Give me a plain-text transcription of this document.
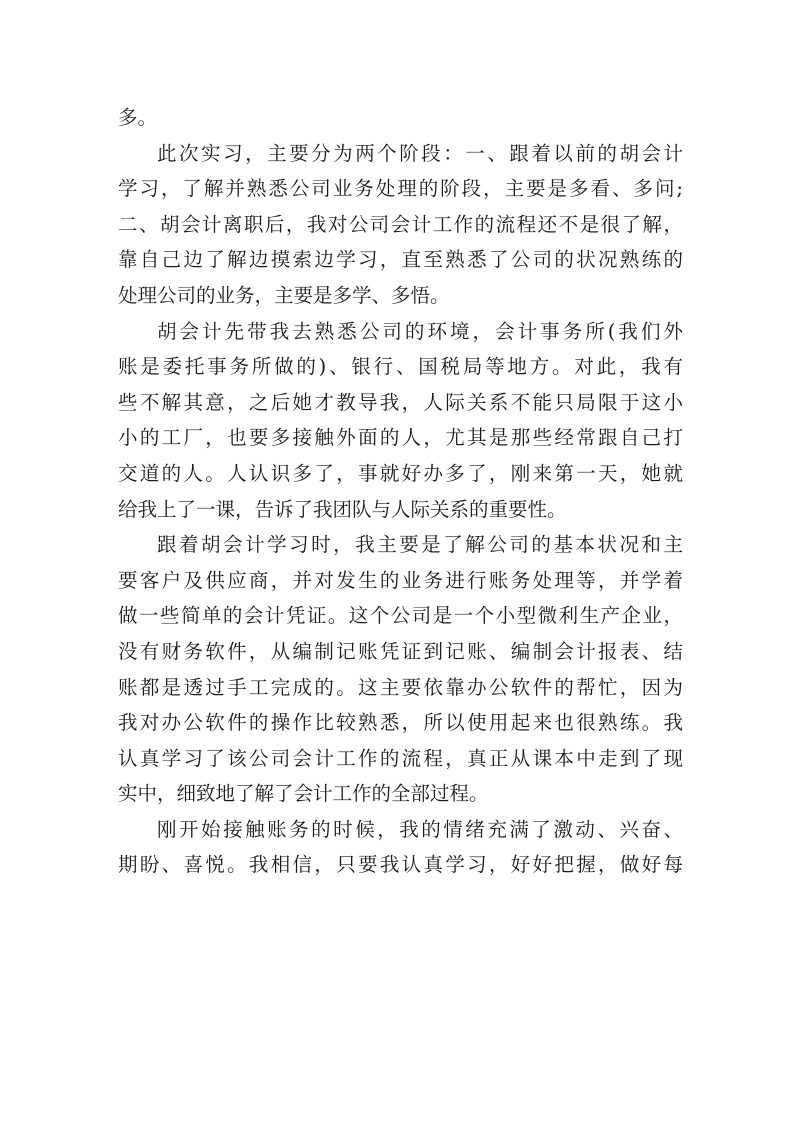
多。
此次实习，主要分为两个阶段：一、跟着以前的胡会计
学习，了解并熟悉公司业务处理的阶段，主要是多看、多问;
二、胡会计离职后，我对公司会计工作的流程还不是很了解，
靠自己边了解边摸索边学习，直至熟悉了公司的状况熟练的
处理公司的业务，主要是多学、多悟。
胡会计先带我去熟悉公司的环境，会计事务所(我们外
账是委托事务所做的)、银行、国税局等地方。对此，我有
些不解其意，之后她才教导我，人际关系不能只局限于这小
小的工厂，也要多接触外面的人，尤其是那些经常跟自己打
交道的人。人认识多了，事就好办多了，刚来第一天，她就
给我上了一课，告诉了我团队与人际关系的重要性。
跟着胡会计学习时，我主要是了解公司的基本状况和主
要客户及供应商，并对发生的业务进行账务处理等，并学着
做一些简单的会计凭证。这个公司是一个小型微利生产企业，
没有财务软件，从编制记账凭证到记账、编制会计报表、结
账都是透过手工完成的。这主要依靠办公软件的帮忙，因为
我对办公软件的操作比较熟悉，所以使用起来也很熟练。我
认真学习了该公司会计工作的流程，真正从课本中走到了现
实中，细致地了解了会计工作的全部过程。
刚开始接触账务的时候，我的情绪充满了激动、兴奋、
期盼、喜悦。我相信，只要我认真学习，好好把握，做好每
